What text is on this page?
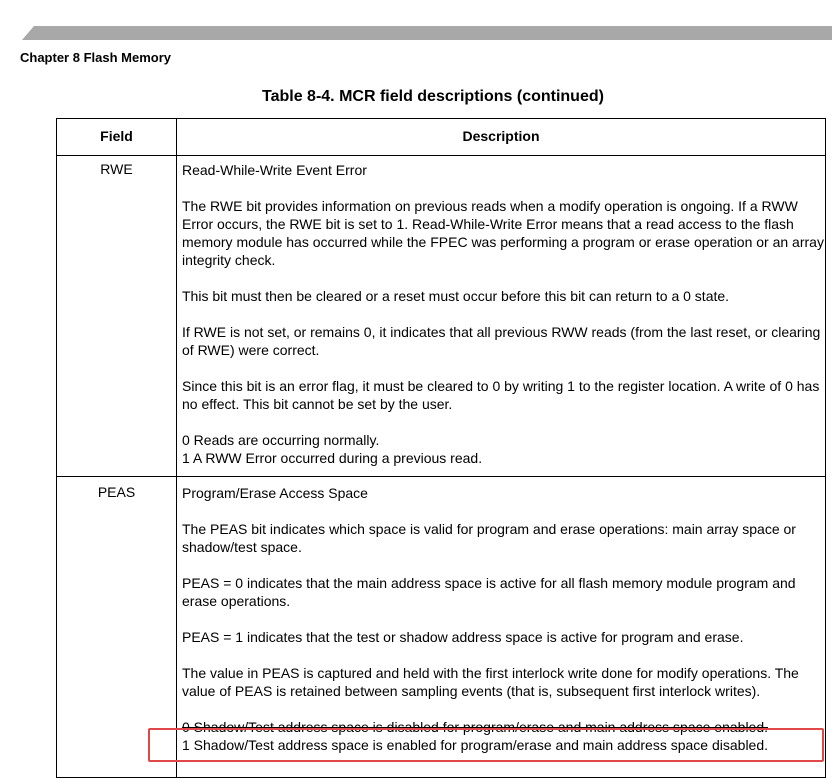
Chapter 8 Flash Memory
Table 8-4. MCR field descriptions (continued)
Field	Description
RWE	Read-While-Write Event Error

The RWE bit provides information on previous reads when a modify operation is ongoing. If a RWW Error occurs, the RWE bit is set to 1. Read-While-Write Error means that a read access to the flash memory module has occurred while the FPEC was performing a program or erase operation or an array integrity check.

This bit must then be cleared or a reset must occur before this bit can return to a 0 state.

If RWE is not set, or remains 0, it indicates that all previous RWW reads (from the last reset, or clearing of RWE) were correct.

Since this bit is an error flag, it must be cleared to 0 by writing 1 to the register location. A write of 0 has no effect. This bit cannot be set by the user.

0 Reads are occurring normally.

1 A RWW Error occurred during a previous read.

PEAS	Program/Erase Access Space

The PEAS bit indicates which space is valid for program and erase operations: main array space or shadow/test space.

PEAS = 0 indicates that the main address space is active for all flash memory module program and erase operations.

PEAS = 1 indicates that the test or shadow address space is active for program and erase.

The value in PEAS is captured and held with the first interlock write done for modify operations. The value of PEAS is retained between sampling events (that is, subsequent first interlock writes).

0 Shadow/Test address space is disabled for program/erase and main address space enabled.

1 Shadow/Test address space is enabled for program/erase and main address space disabled.
